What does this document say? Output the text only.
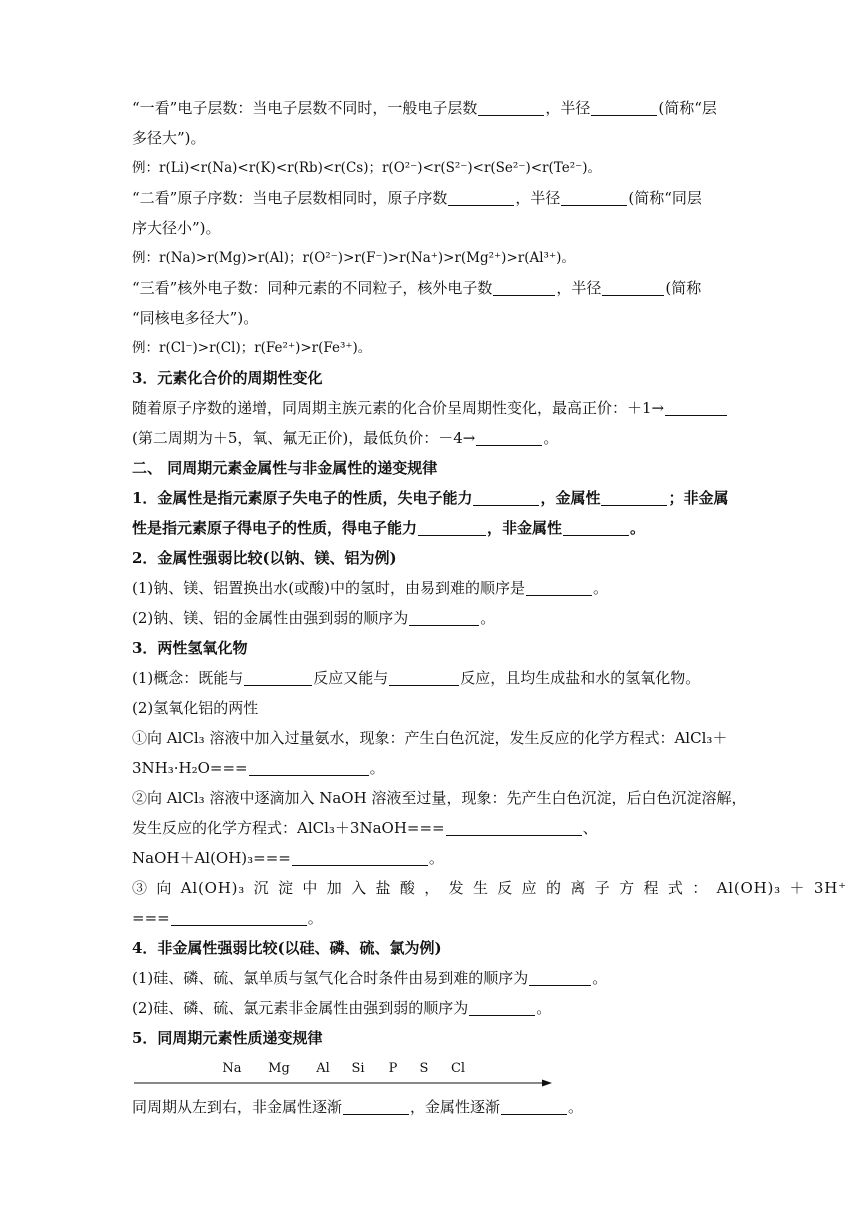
“一看”电子层数：当电子层数不同时，一般电子层数	，半径	(简称“层
多径大”)。
例：r(Li)<r(Na)<r(K)<r(Rb)<r(Cs)；r(O²⁻)<r(S²⁻)<r(Se²⁻)<r(Te²⁻)。
“二看”原子序数：当电子层数相同时，原子序数	，半径	(简称“同层
序大径小”)。
例：r(Na)>r(Mg)>r(Al)；r(O²⁻)>r(F⁻)>r(Na⁺)>r(Mg²⁺)>r(Al³⁺)。
“三看”核外电子数：同种元素的不同粒子，核外电子数	，半径	(简称
“同核电多径大”)。
例：r(Cl⁻)>r(Cl)；r(Fe²⁺)>r(Fe³⁺)。
3．元素化合价的周期性变化
随着原子序数的递增，同周期主族元素的化合价呈周期性变化，最高正价：＋1→
(第二周期为＋5，氧、氟无正价)，最低负价：－4→	。
二、 同周期元素金属性与非金属性的递变规律
1．金属性是指元素原子失电子的性质，失电子能力	，金属性	；非金属
性是指元素原子得电子的性质，得电子能力	，非金属性	。
2．金属性强弱比较(以钠、镁、铝为例)
(1)钠、镁、铝置换出水(或酸)中的氢时，由易到难的顺序是	。
(2)钠、镁、铝的金属性由强到弱的顺序为	。
3．两性氢氧化物
(1)概念：既能与	反应又能与	反应，且均生成盐和水的氢氧化物。
(2)氢氧化铝的两性
①向 AlCl₃ 溶液中加入过量氨水，现象：产生白色沉淀，发生反应的化学方程式：AlCl₃＋
3NH₃·H₂O===	。
②向 AlCl₃ 溶液中逐滴加入 NaOH 溶液至过量，现象：先产生白色沉淀，后白色沉淀溶解，
发生反应的化学方程式：AlCl₃＋3NaOH===	、
NaOH＋Al(OH)₃===	。
③ 向 Al(OH)₃ 沉 淀 中 加 入 盐 酸 ， 发 生 反 应 的 离 子 方 程 式 ： Al(OH)₃ ＋ 3H⁺
===	。
4．非金属性强弱比较(以硅、磷、硫、氯为例)
(1)硅、磷、硫、氯单质与氢气化合时条件由易到难的顺序为	。
(2)硅、磷、硫、氯元素非金属性由强到弱的顺序为	。
5．同周期元素性质递变规律
Na Mg Al Si P S Cl
同周期从左到右，非金属性逐渐	，金属性逐渐	。
